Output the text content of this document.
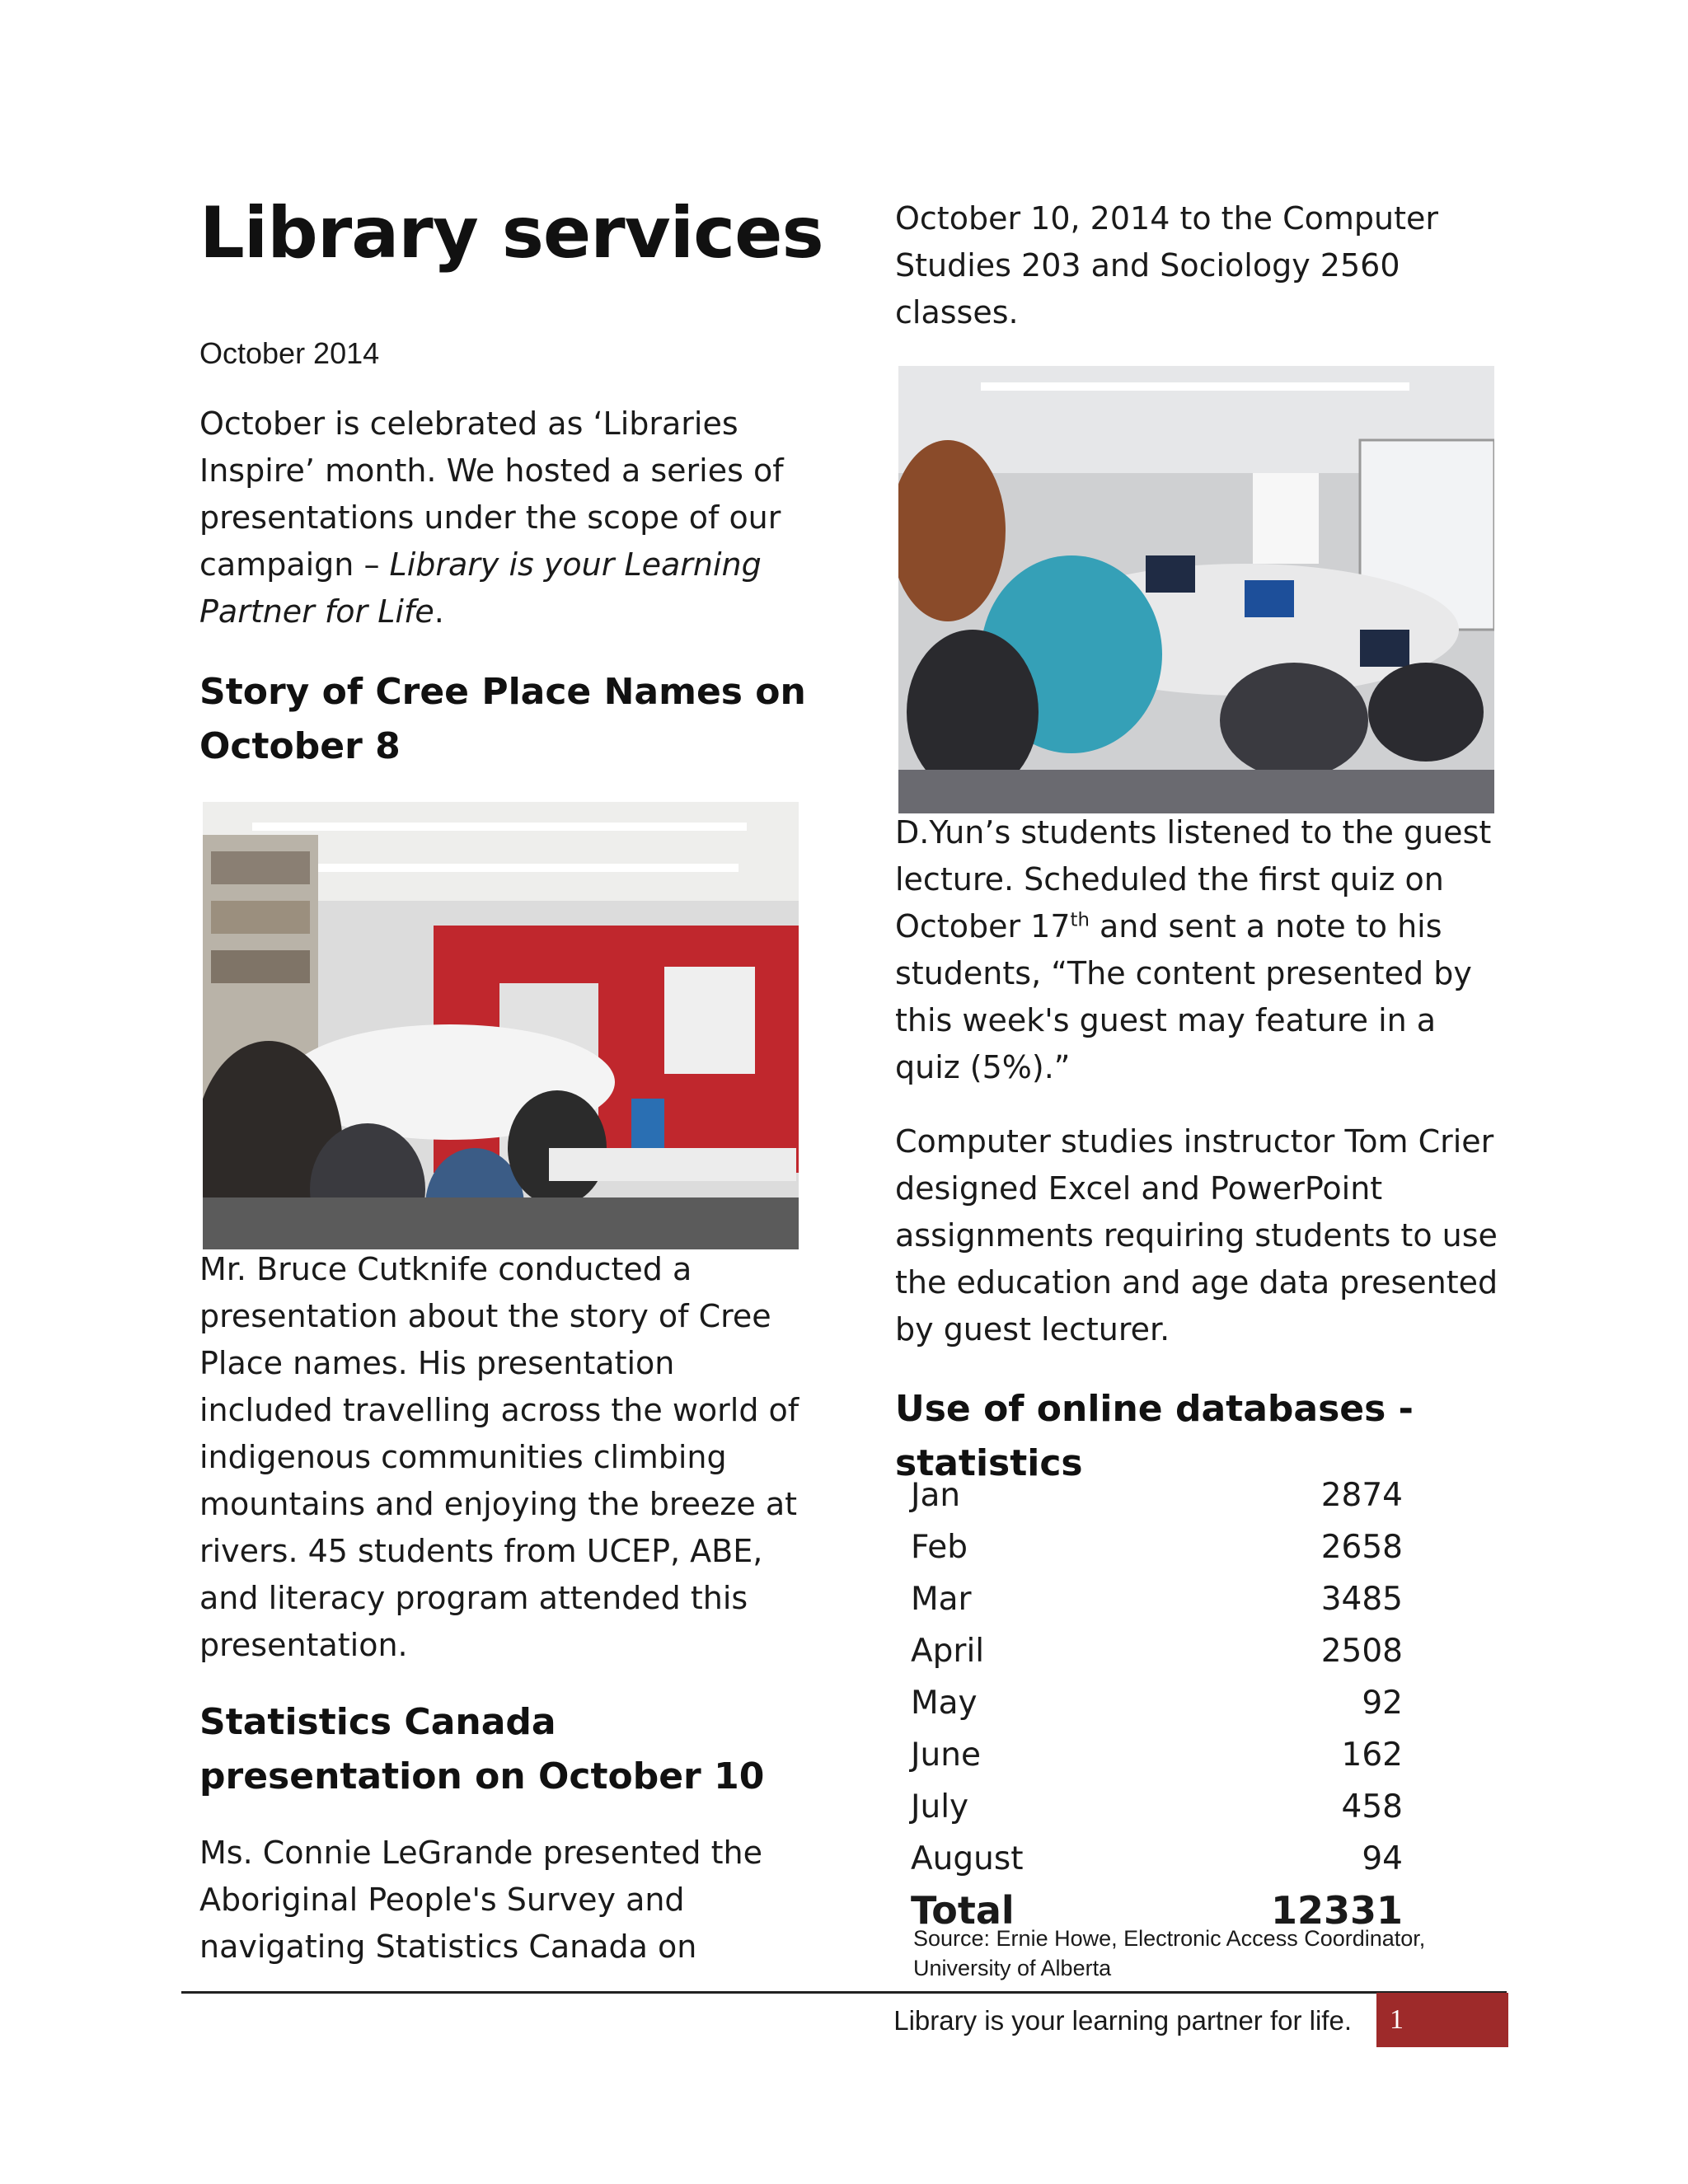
Library services
October 2014

October is celebrated as ‘Libraries Inspire’ month. We hosted a series of presentations under the scope of our campaign – Library is your Learning Partner for Life.

Story of Cree Place Names on October 8

Mr. Bruce Cutknife conducted a presentation about the story of Cree Place names. His presentation included travelling across the world of indigenous communities climbing mountains and enjoying the breeze at rivers. 45 students from UCEP, ABE, and literacy program attended this presentation.

Statistics Canada presentation on October 10

Ms. Connie LeGrande presented the Aboriginal People's Survey and navigating Statistics Canada on

October 10, 2014 to the Computer Studies 203 and Sociology 2560 classes.

D.Yun’s students listened to the guest lecture. Scheduled the first quiz on October 17th and sent a note to his students, “The content presented by this week's guest may feature in a quiz (5%).”

Computer studies instructor Tom Crier designed Excel and PowerPoint assignments requiring students to use the education and age data presented by guest lecturer.

Use of online databases - statistics
Jan	2874
Feb	2658
Mar	3485
April	2508
May	92
June	162
July	458
August	94
Total	12331
Source: Ernie Howe, Electronic Access Coordinator, University of Alberta
Library is your learning partner for life.	1
